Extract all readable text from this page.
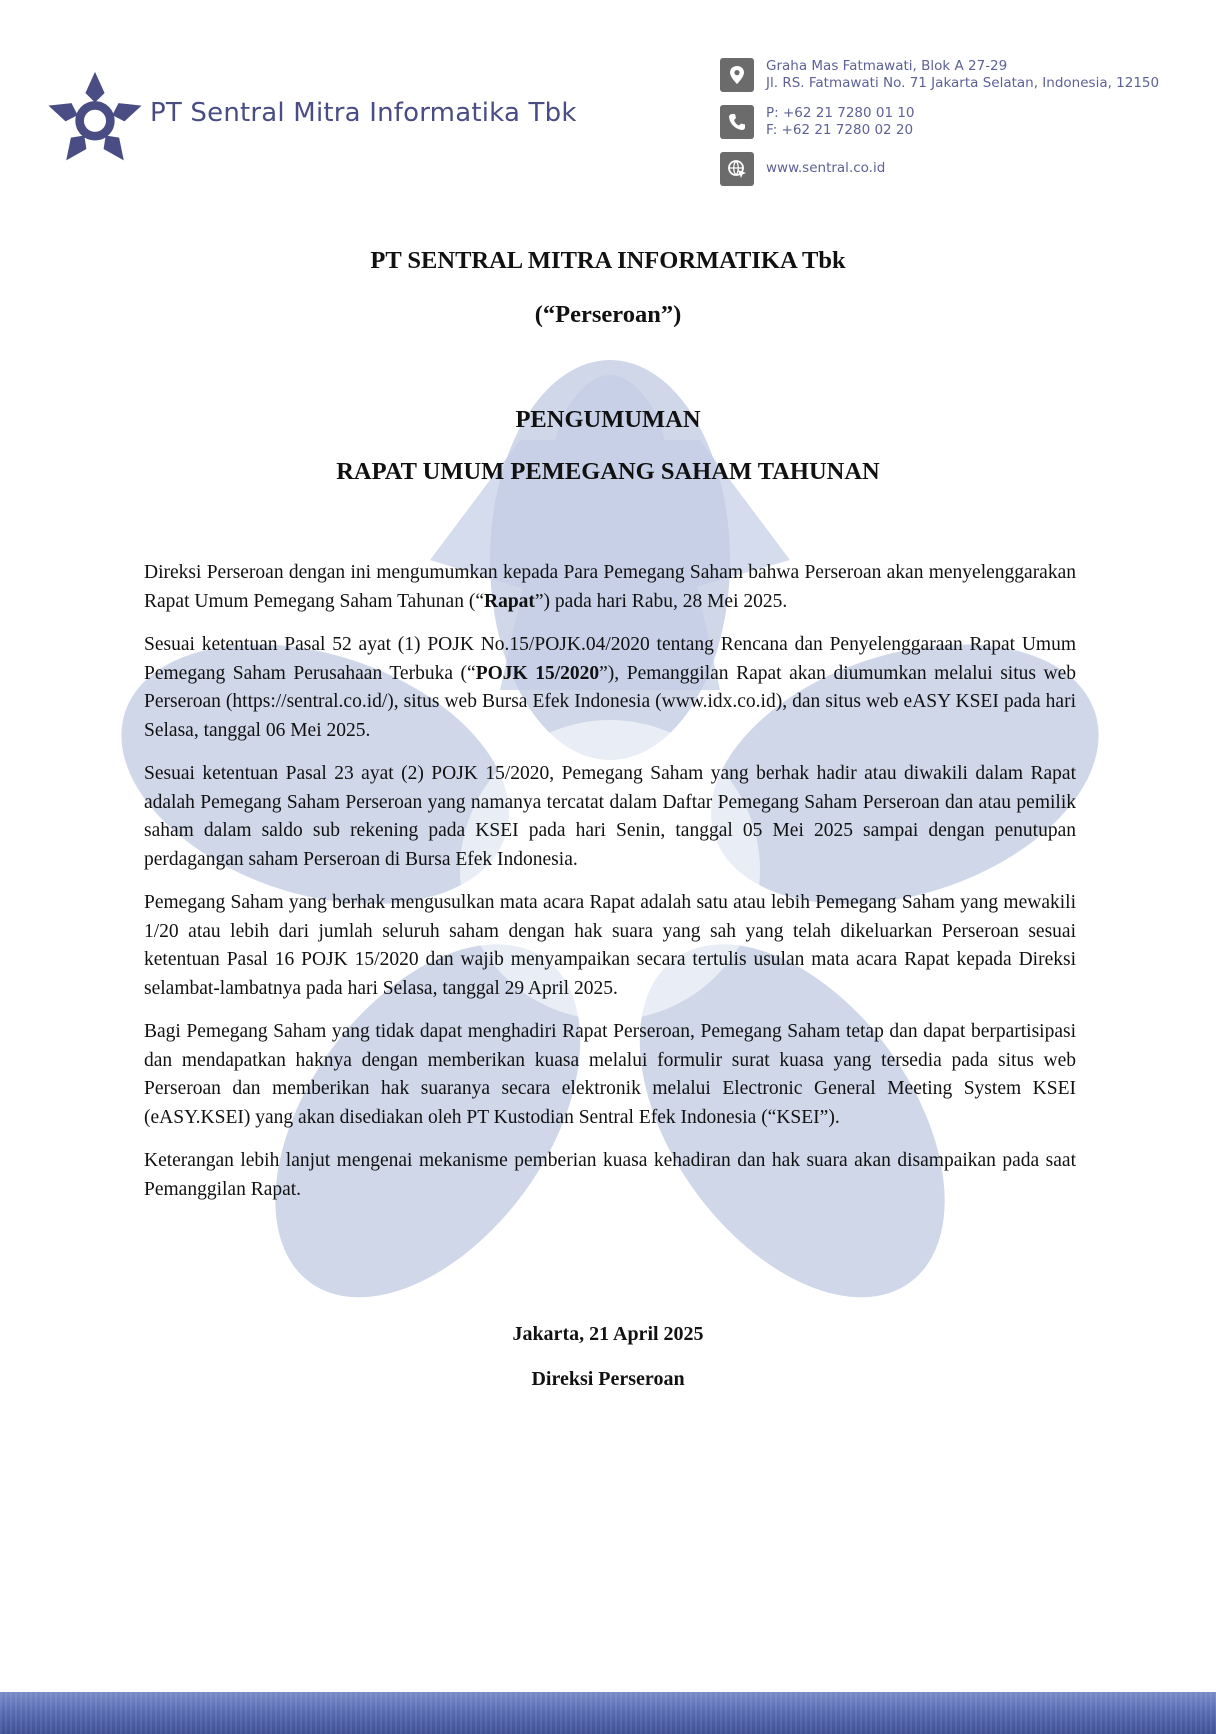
PT Sentral Mitra Informatika Tbk
Graha Mas Fatmawati, Blok A 27-29
Jl. RS. Fatmawati No. 71 Jakarta Selatan, Indonesia, 12150
P: +62 21 7280 01 10
F: +62 21 7280 02 20
www.sentral.co.id
PT SENTRAL MITRA INFORMATIKA Tbk
(“Perseroan”)
PENGUMUMAN
RAPAT UMUM PEMEGANG SAHAM TAHUNAN

Direksi Perseroan dengan ini mengumumkan kepada Para Pemegang Saham bahwa Perseroan akan menyelenggarakan Rapat Umum Pemegang Saham Tahunan (“Rapat”) pada hari Rabu, 28 Mei 2025.

Sesuai ketentuan Pasal 52 ayat (1) POJK No.15/POJK.04/2020 tentang Rencana dan Penyelenggaraan Rapat Umum Pemegang Saham Perusahaan Terbuka (“POJK 15/2020”), Pemanggilan Rapat akan diumumkan melalui situs web Perseroan (https://sentral.co.id/), situs web Bursa Efek Indonesia (www.idx.co.id), dan situs web eASY KSEI pada hari Selasa, tanggal 06 Mei 2025.

Sesuai ketentuan Pasal 23 ayat (2) POJK 15/2020, Pemegang Saham yang berhak hadir atau diwakili dalam Rapat adalah Pemegang Saham Perseroan yang namanya tercatat dalam Daftar Pemegang Saham Perseroan dan atau pemilik saham dalam saldo sub rekening pada KSEI pada hari Senin, tanggal 05 Mei 2025 sampai dengan penutupan perdagangan saham Perseroan di Bursa Efek Indonesia.

Pemegang Saham yang berhak mengusulkan mata acara Rapat adalah satu atau lebih Pemegang Saham yang mewakili 1/20 atau lebih dari jumlah seluruh saham dengan hak suara yang sah yang telah dikeluarkan Perseroan sesuai ketentuan Pasal 16 POJK 15/2020 dan wajib menyampaikan secara tertulis usulan mata acara Rapat kepada Direksi selambat-lambatnya pada hari Selasa, tanggal 29 April 2025.

Bagi Pemegang Saham yang tidak dapat menghadiri Rapat Perseroan, Pemegang Saham tetap dan dapat berpartisipasi dan mendapatkan haknya dengan memberikan kuasa melalui formulir surat kuasa yang tersedia pada situs web Perseroan dan memberikan hak suaranya secara elektronik melalui Electronic General Meeting System KSEI (eASY.KSEI) yang akan disediakan oleh PT Kustodian Sentral Efek Indonesia (“KSEI”).

Keterangan lebih lanjut mengenai mekanisme pemberian kuasa kehadiran dan hak suara akan disampaikan pada saat Pemanggilan Rapat.

Jakarta, 21 April 2025

Direksi Perseroan
